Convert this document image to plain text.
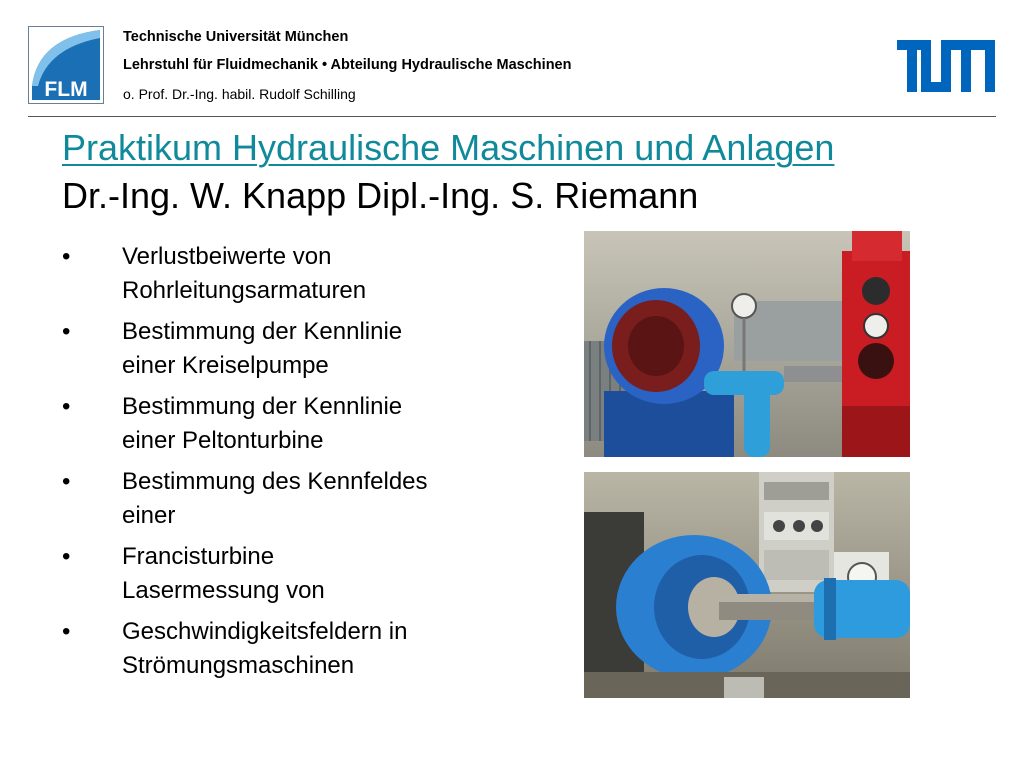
FLM
Technische Universität München
Lehrstuhl für Fluidmechanik • Abteilung Hydraulische Maschinen
o. Prof. Dr.-Ing. habil. Rudolf Schilling
Praktikum Hydraulische Maschinen und Anlagen
Dr.-Ing. W. Knapp Dipl.-Ing. S. Riemann
•	Verlustbeiwerte von
Rohrleitungsarmaturen
•	Bestimmung der Kennlinie
einer Kreiselpumpe
•	Bestimmung der Kennlinie
einer Peltonturbine
•	Bestimmung des Kennfeldes
einer
•	Francisturbine
Lasermessung von
•	Geschwindigkeitsfeldern in
Strömungsmaschinen
